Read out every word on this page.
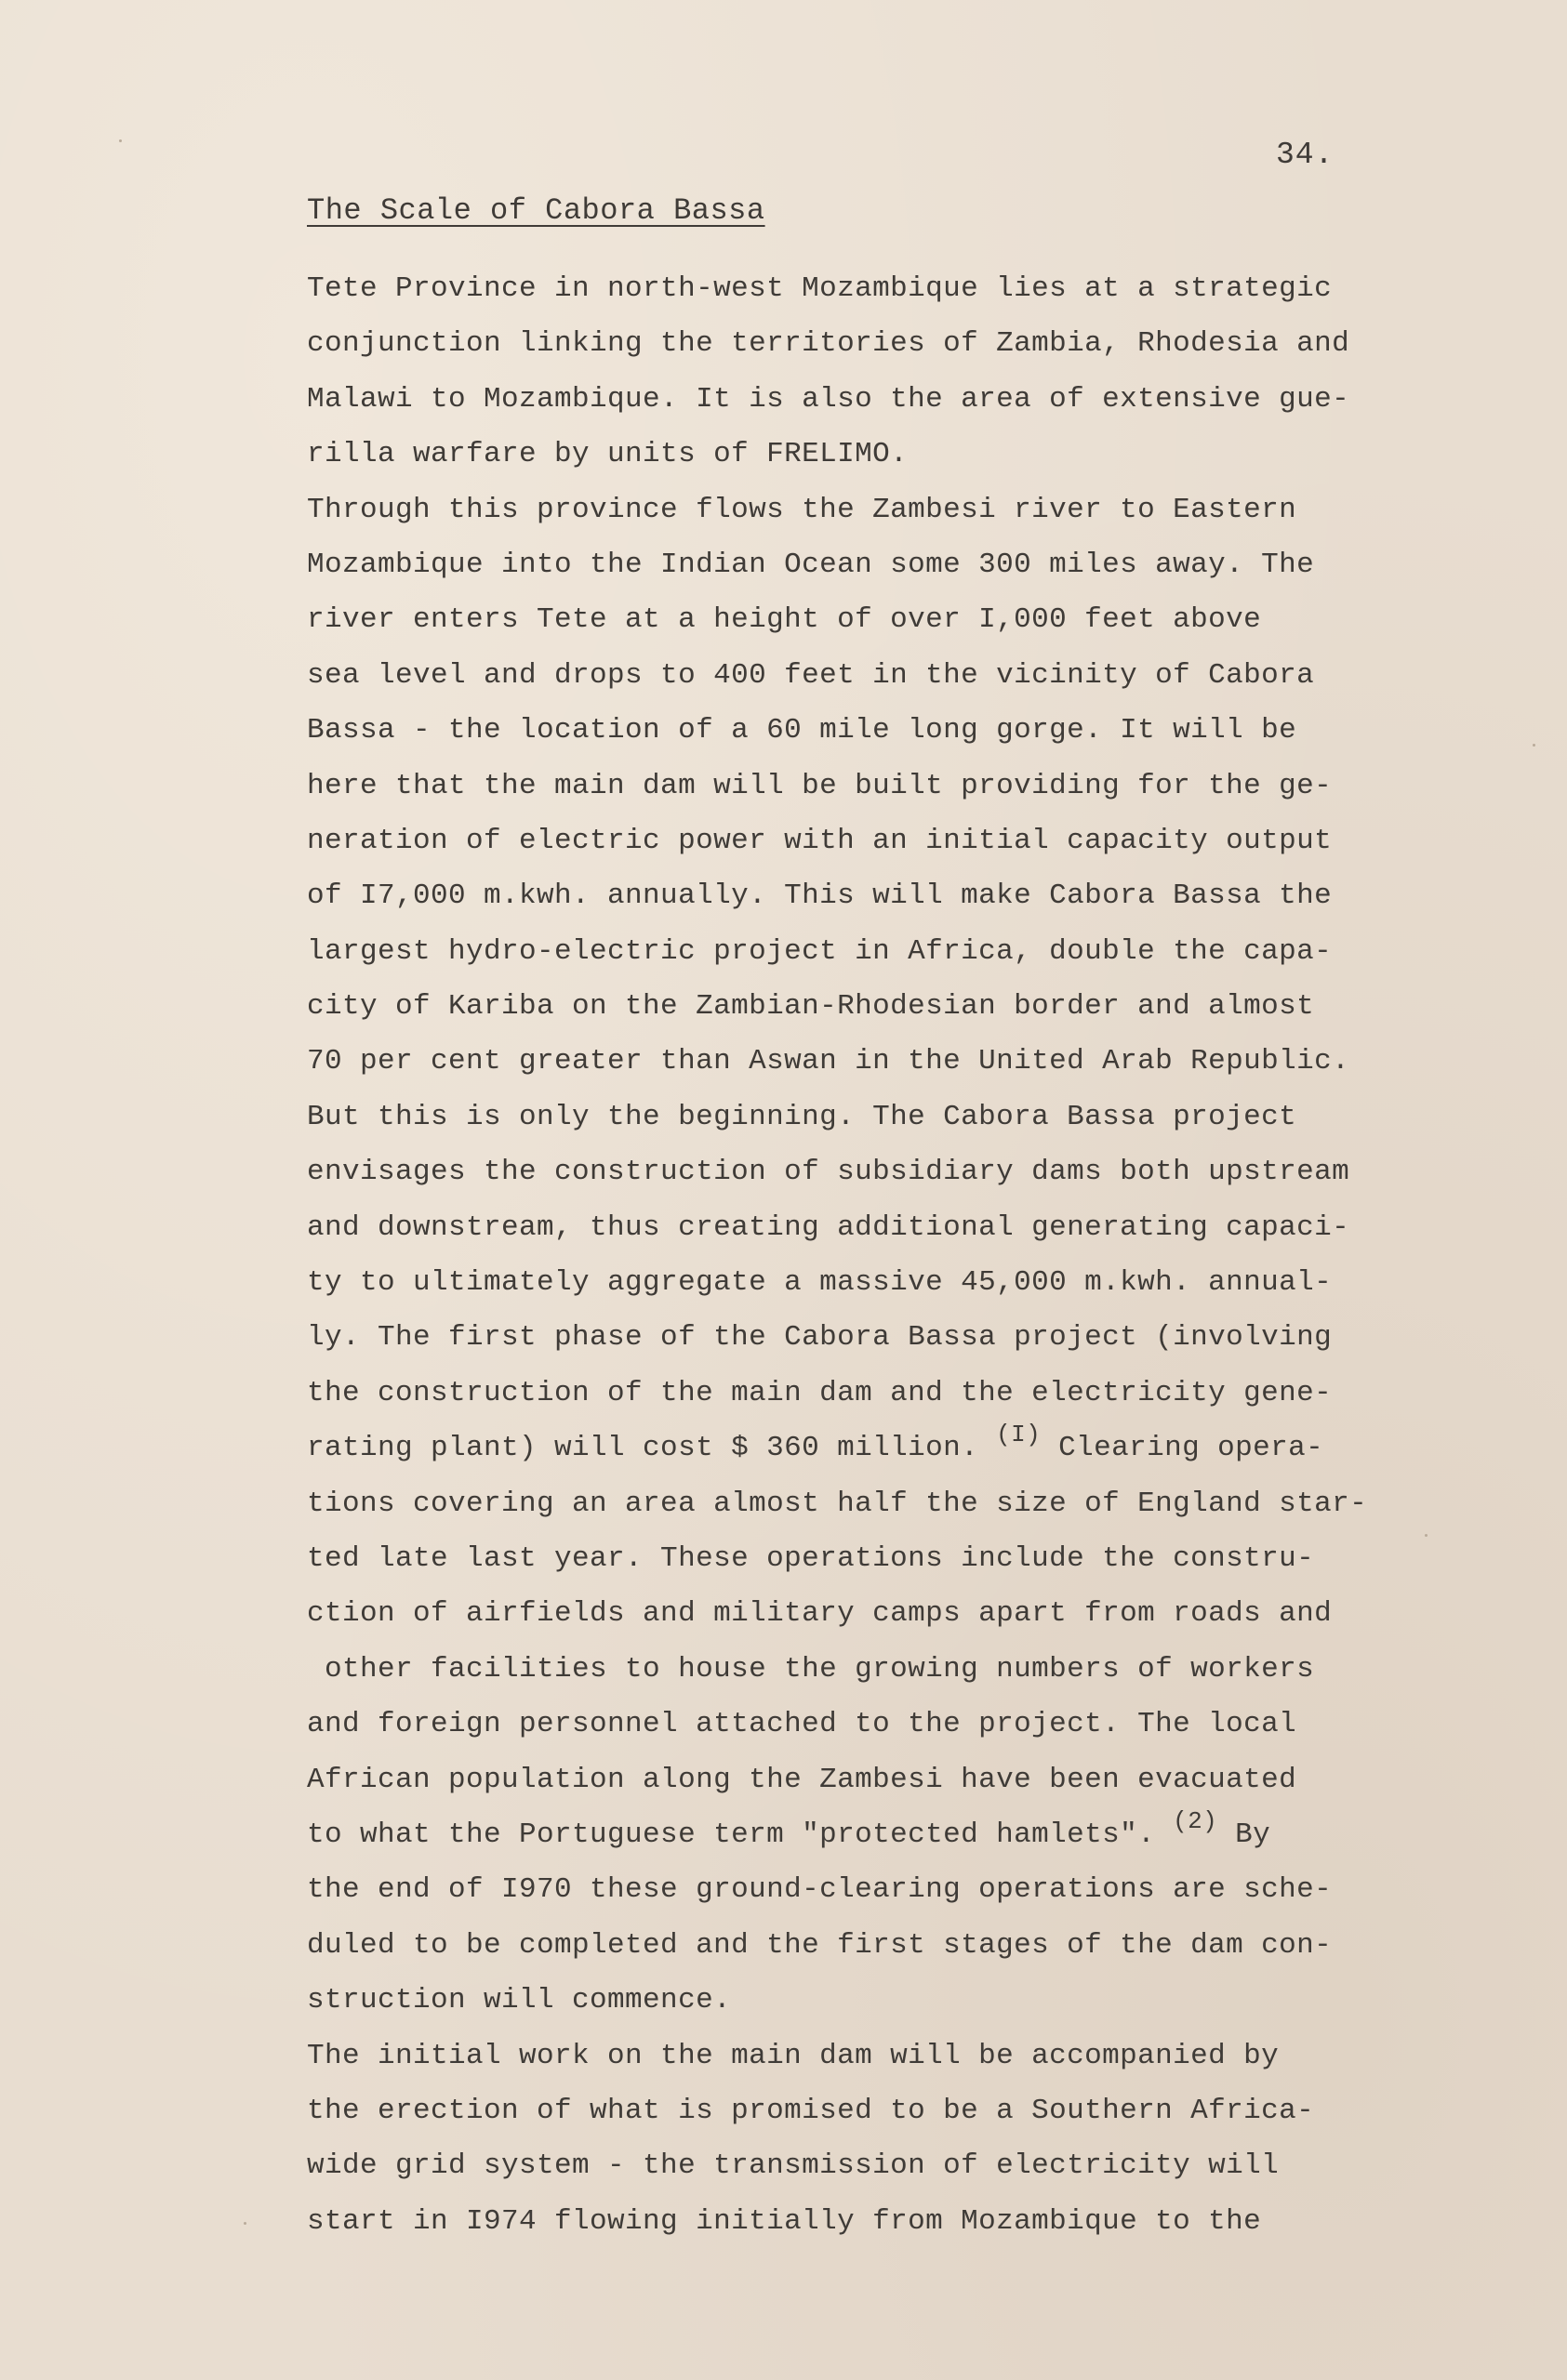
34.
The Scale of Cabora Bassa
Tete Province in north-west Mozambique lies at a strategic
conjunction linking the territories of Zambia, Rhodesia and
Malawi to Mozambique. It is also the area of extensive gue-
rilla warfare by units of FRELIMO.
Through this province flows the Zambesi river to Eastern
Mozambique into the Indian Ocean some 300 miles away. The
river enters Tete at a height of over I,000 feet above
sea level and drops to 400 feet in the vicinity of Cabora
Bassa - the location of a 60 mile long gorge. It will be
here that the main dam will be built providing for the ge-
neration of electric power with an initial capacity output
of I7,000 m.kwh. annually. This will make Cabora Bassa the
largest hydro-electric project in Africa, double the capa-
city of Kariba on the Zambian-Rhodesian border and almost
70 per cent greater than Aswan in the United Arab Republic.
But this is only the beginning. The Cabora Bassa project
envisages the construction of subsidiary dams both upstream
and downstream, thus creating additional generating capaci-
ty to ultimately aggregate a massive 45,000 m.kwh. annual-
ly. The first phase of the Cabora Bassa project (involving
the construction of the main dam and the electricity gene-
rating plant) will cost $ 360 million. $^{(I)}$ Clearing opera-
tions covering an area almost half the size of England star-
ted late last year. These operations include the constru-
ction of airfields and military camps apart from roads and
other facilities to house the growing numbers of workers
and foreign personnel attached to the project. The local
African population along the Zambesi have been evacuated
to what the Portuguese term "protected hamlets". $^{(2)}$ By
the end of I970 these ground-clearing operations are sche-
duled to be completed and the first stages of the dam con-
struction will commence.
The initial work on the main dam will be accompanied by
the erection of what is promised to be a Southern Africa-
wide grid system - the transmission of electricity will
start in I974 flowing initially from Mozambique to the
